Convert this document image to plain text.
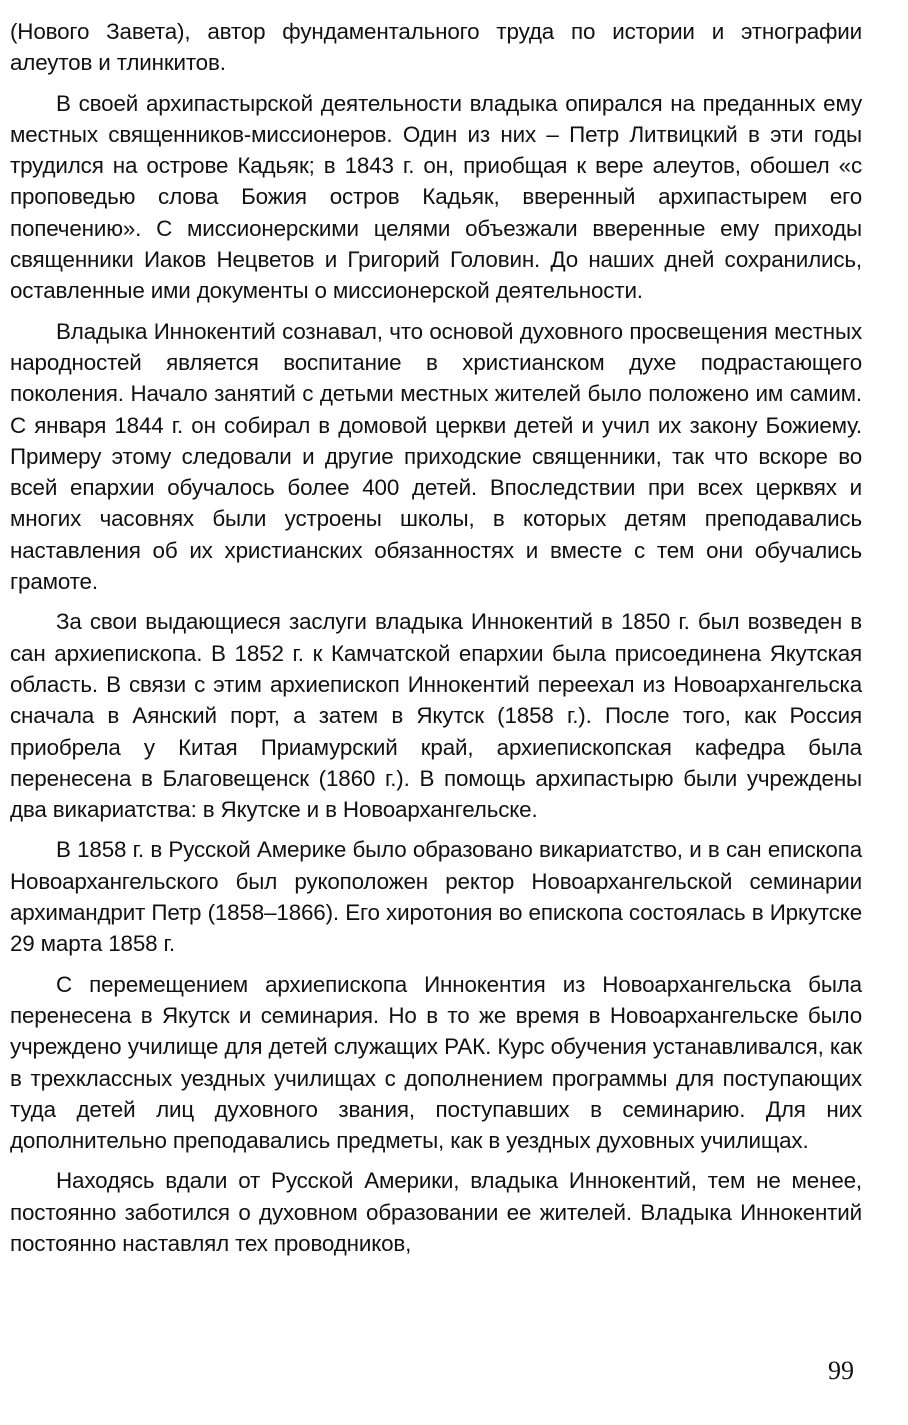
(Нового Завета), автор фундаментального труда по истории и этнографии алеутов и тлинкитов.

В своей архипастырской деятельности владыка опирался на преданных ему местных священников-миссионеров. Один из них – Петр Литвицкий в эти годы трудился на острове Кадьяк; в 1843 г. он, приобщая к вере алеутов, обошел «с проповедью слова Божия остров Кадьяк, вверенный архипастырем его попечению». С миссионерскими целями объезжали вверенные ему приходы священники Иаков Нецветов и Григорий Головин. До наших дней сохранились, оставленные ими документы о миссионерской деятельности.

Владыка Иннокентий сознавал, что основой духовного просвещения местных народностей является воспитание в христианском духе подрастающего поколения. Начало занятий с детьми местных жителей было положено им самим. С января 1844 г. он собирал в домовой церкви детей и учил их закону Божиему. Примеру этому следовали и другие приходские священники, так что вскоре во всей епархии обучалось более 400 детей. Впоследствии при всех церквях и многих часовнях были устроены школы, в которых детям преподавались наставления об их христианских обязанностях и вместе с тем они обучались грамоте.

За свои выдающиеся заслуги владыка Иннокентий в 1850 г. был возведен в сан архиепископа. В 1852 г. к Камчатской епархии была присоединена Якутская область. В связи с этим архиепископ Иннокентий переехал из Новоархангельска сначала в Аянский порт, а затем в Якутск (1858 г.). После того, как Россия приобрела у Китая Приамурский край, архиепископская кафедра была перенесена в Благовещенск (1860 г.). В помощь архипастырю были учреждены два викариатства: в Якутске и в Новоархангельске.

В 1858 г. в Русской Америке было образовано викариатство, и в сан епископа Новоархангельского был рукоположен ректор Новоархангельской семинарии архимандрит Петр (1858–1866). Его хиротония во епископа состоялась в Иркутске 29 марта 1858 г.

С перемещением архиепископа Иннокентия из Новоархангельска была перенесена в Якутск и семинария. Но в то же время в Новоархангельске было учреждено училище для детей служащих РАК. Курс обучения устанавливался, как в трехклассных уездных училищах с дополнением программы для поступающих туда детей лиц духовного звания, поступавших в семинарию. Для них дополнительно преподавались предметы, как в уездных духовных училищах.

Находясь вдали от Русской Америки, владыка Иннокентий, тем не менее, постоянно заботился о духовном образовании ее жителей. Владыка Иннокентий постоянно наставлял тех проводников,

99
